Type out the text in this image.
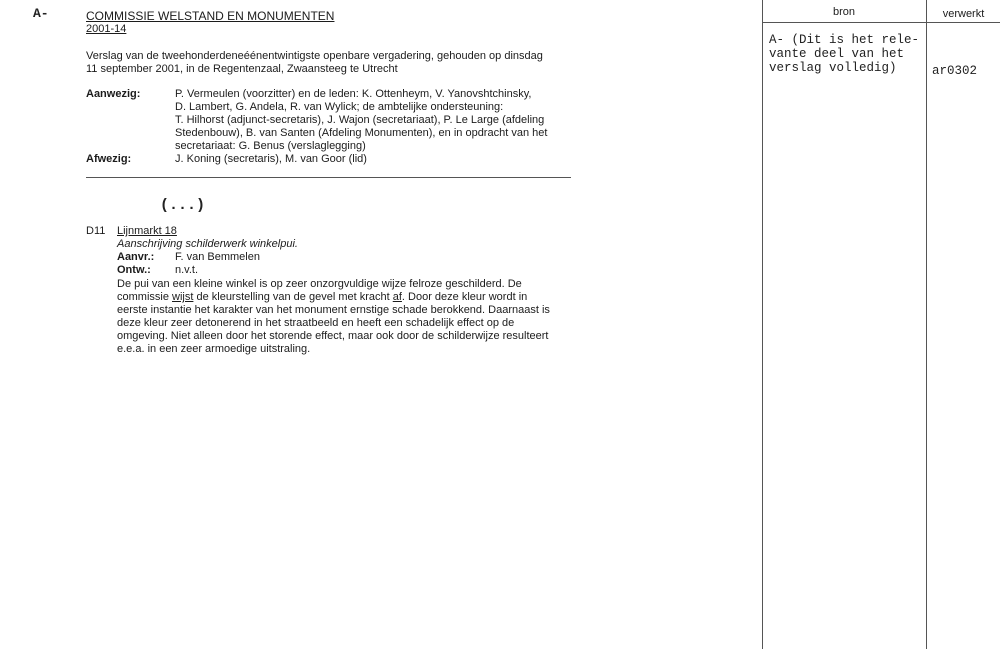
A-	COMMISSIE WELSTAND EN MONUMENTEN
2001-14
Verslag van de tweehonderdeneéénentwintigste openbare vergadering, gehouden op dinsdag
11 september 2001, in de Regentenzaal, Zwaansteeg te Utrecht
Aanwezig:	P. Vermeulen (voorzitter) en de leden: K. Ottenheym, V. Yanovshtchinsky,
D. Lambert, G. Andela, R. van Wylick; de ambtelijke ondersteuning:
T. Hilhorst (adjunct-secretaris), J. Wajon (secretariaat), P. Le Large (afdeling
Stedenbouw), B. van Santen (Afdeling Monumenten), en in opdracht van het
secretariaat: G. Benus (verslaglegging)
Afwezig:	J. Koning (secretaris), M. van Goor (lid)
(...)
D11 Lijnmarkt 18
Aanschrijving schilderwerk winkelpui.
Aanvr.: F. van Bemmelen
Ontw.: n.v.t.
De pui van een kleine winkel is op zeer onzorgvuldige wijze felroze geschilderd. De
commissie wijst de kleurstelling van de gevel met kracht af. Door deze kleur wordt in
eerste instantie het karakter van het monument ernstige schade berokkend. Daarnaast is
deze kleur zeer detonerend in het straatbeeld en heeft een schadelijk effect op de
omgeving. Niet alleen door het storende effect, maar ook door de schilderwijze resulteert
e.e.a. in een zeer armoedige uitstraling.
bron	verwerkt
A- (Dit is het rele-
vante deel van het
verslag volledig)	ar0302
